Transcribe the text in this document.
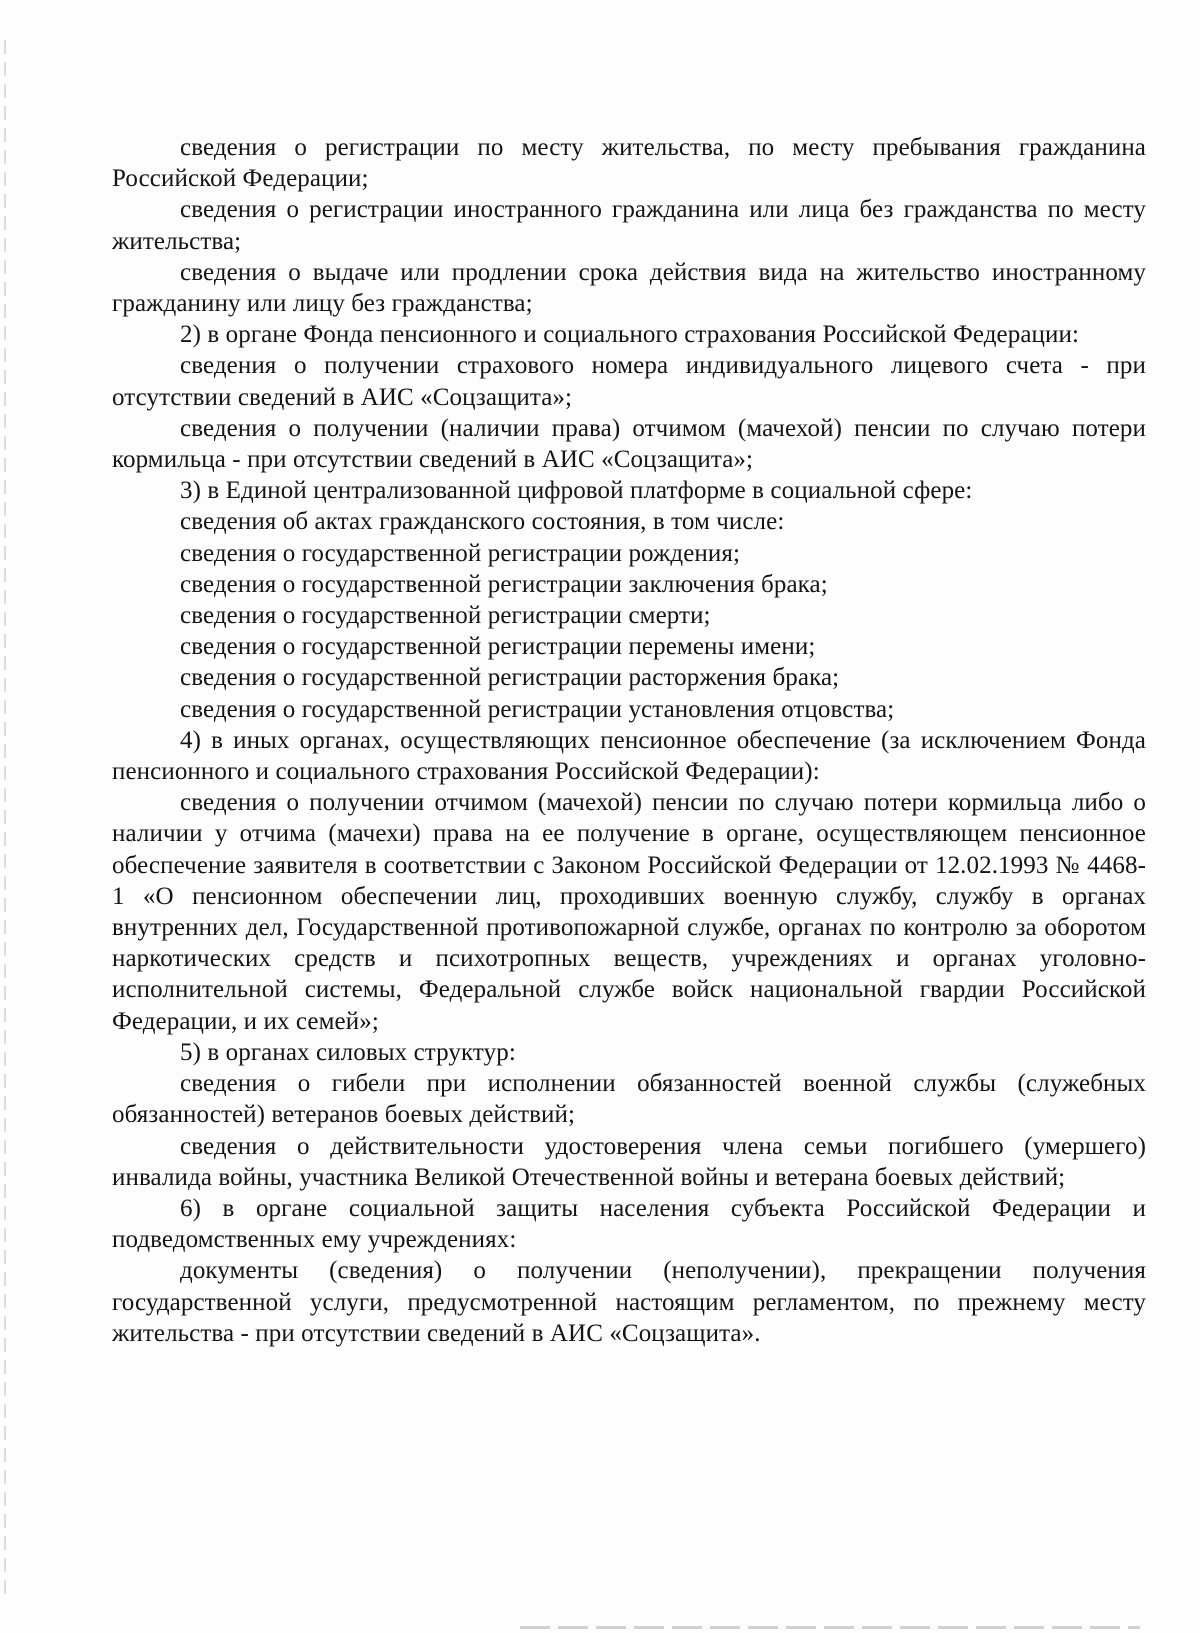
сведения о регистрации по месту жительства, по месту пребывания гражданина Российской Федерации;

сведения о регистрации иностранного гражданина или лица без гражданства по месту жительства;

сведения о выдаче или продлении срока действия вида на жительство иностранному гражданину или лицу без гражданства;

2) в органе Фонда пенсионного и социального страхования Российской Федерации:

сведения о получении страхового номера индивидуального лицевого счета - при отсутствии сведений в АИС «Соцзащита»;

сведения о получении (наличии права) отчимом (мачехой) пенсии по случаю потери кормильца - при отсутствии сведений в АИС «Соцзащита»;

3) в Единой централизованной цифровой платформе в социальной сфере:

сведения об актах гражданского состояния, в том числе:

сведения о государственной регистрации рождения;

сведения о государственной регистрации заключения брака;

сведения о государственной регистрации смерти;

сведения о государственной регистрации перемены имени;

сведения о государственной регистрации расторжения брака;

сведения о государственной регистрации установления отцовства;

4) в иных органах, осуществляющих пенсионное обеспечение (за исключением Фонда пенсионного и социального страхования Российской Федерации):

сведения о получении отчимом (мачехой) пенсии по случаю потери кормильца либо о наличии у отчима (мачехи) права на ее получение в органе, осуществляющем пенсионное обеспечение заявителя в соответствии с Законом Российской Федерации от 12.02.1993 № 4468-1 «О пенсионном обеспечении лиц, проходивших военную службу, службу в органах внутренних дел, Государственной противопожарной службе, органах по контролю за оборотом наркотических средств и психотропных веществ, учреждениях и органах уголовно-исполнительной системы, Федеральной службе войск национальной гвардии Российской Федерации, и их семей»;

5) в органах силовых структур:

сведения о гибели при исполнении обязанностей военной службы (служебных обязанностей) ветеранов боевых действий;

сведения о действительности удостоверения члена семьи погибшего (умершего) инвалида войны, участника Великой Отечественной войны и ветерана боевых действий;

6) в органе социальной защиты населения субъекта Российской Федерации и подведомственных ему учреждениях:

документы (сведения) о получении (неполучении), прекращении получения государственной услуги, предусмотренной настоящим регламентом, по прежнему месту жительства - при отсутствии сведений в АИС «Соцзащита».
